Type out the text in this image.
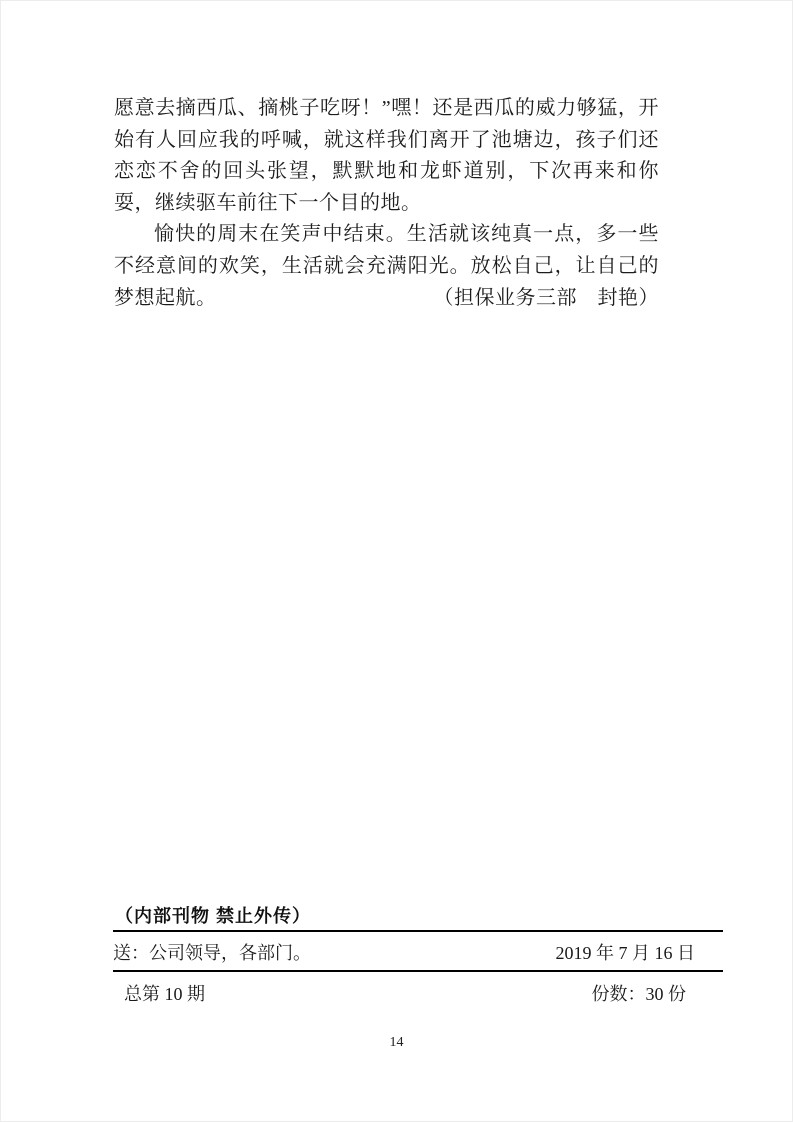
愿意去摘西瓜、摘桃子吃呀！”嘿！还是西瓜的威力够猛，开始有人回应我的呼喊，就这样我们离开了池塘边，孩子们还恋恋不舍的回头张望，默默地和龙虾道别，下次再来和你耍，继续驱车前往下一个目的地。

愉快的周末在笑声中结束。生活就该纯真一点，多一些不经意间的欢笑，生活就会充满阳光。放松自己，让自己的梦想起航。	（担保业务三部　封艳）
（内部刊物 禁止外传）
送：公司领导，各部门。	2019 年 7 月 16 日
总第 10 期	份数：30 份
14
